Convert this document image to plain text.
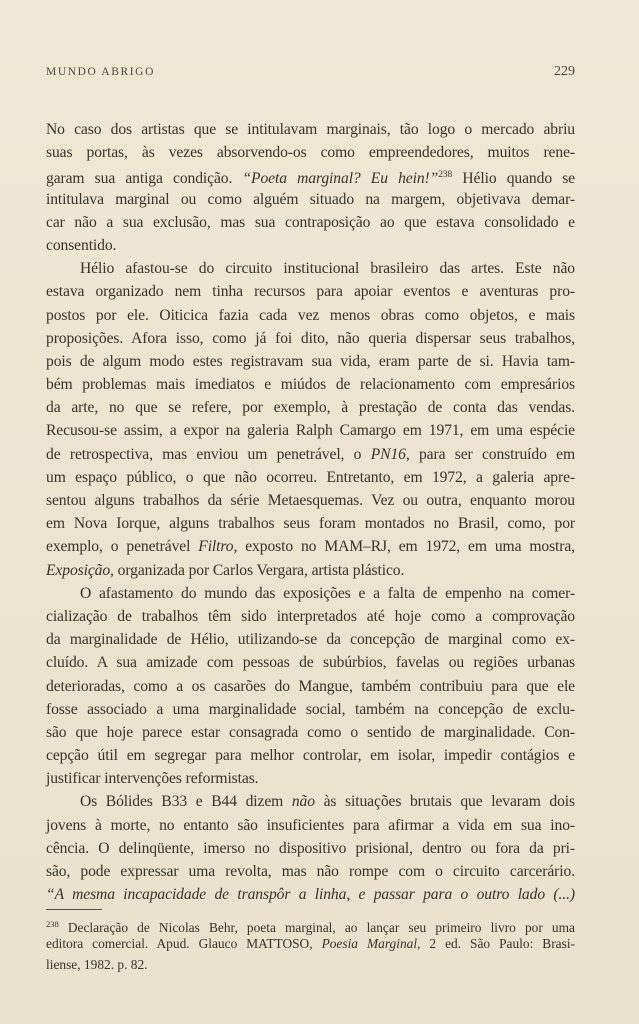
MUNDO ABRIGO	229
No caso dos artistas que se intitulavam marginais, tão logo o mercado abriu
suas portas, às vezes absorvendo-os como empreendedores, muitos rene-
garam sua antiga condição. “Poeta marginal? Eu hein!”$^{238}$ Hélio quando se
intitulava marginal ou como alguém situado na margem, objetivava demar-
car não a sua exclusão, mas sua contraposição ao que estava consolidado e
consentido.
Hélio afastou-se do circuito institucional brasileiro das artes. Este não
estava organizado nem tinha recursos para apoiar eventos e aventuras pro-
postos por ele. Oiticica fazia cada vez menos obras como objetos, e mais
proposições. Afora isso, como já foi dito, não queria dispersar seus trabalhos,
pois de algum modo estes registravam sua vida, eram parte de si. Havia tam-
bém problemas mais imediatos e miúdos de relacionamento com empresários
da arte, no que se refere, por exemplo, à prestação de conta das vendas.
Recusou-se assim, a expor na galeria Ralph Camargo em 1971, em uma espécie
de retrospectiva, mas enviou um penetrável, o PN16, para ser construído em
um espaço público, o que não ocorreu. Entretanto, em 1972, a galeria apre-
sentou alguns trabalhos da série Metaesquemas. Vez ou outra, enquanto morou
em Nova Iorque, alguns trabalhos seus foram montados no Brasil, como, por
exemplo, o penetrável Filtro, exposto no MAM–RJ, em 1972, em uma mostra,
Exposição, organizada por Carlos Vergara, artista plástico.
O afastamento do mundo das exposições e a falta de empenho na comer-
cialização de trabalhos têm sido interpretados até hoje como a comprovação
da marginalidade de Hélio, utilizando-se da concepção de marginal como ex-
cluído. A sua amizade com pessoas de subúrbios, favelas ou regiões urbanas
deterioradas, como a os casarões do Mangue, também contribuiu para que ele
fosse associado a uma marginalidade social, também na concepção de exclu-
são que hoje parece estar consagrada como o sentido de marginalidade. Con-
cepção útil em segregar para melhor controlar, em isolar, impedir contágios e
justificar intervenções reformistas.
Os Bólides B33 e B44 dizem não às situações brutais que levaram dois
jovens à morte, no entanto são insuficientes para afirmar a vida em sua ino-
cência. O delinqüente, imerso no dispositivo prisional, dentro ou fora da pri-
são, pode expressar uma revolta, mas não rompe com o circuito carcerário.
“A mesma incapacidade de transpôr a linha, e passar para o outro lado (...)
$^{238}$ Declaração de Nicolas Behr, poeta marginal, ao lançar seu primeiro livro por uma
editora comercial. Apud. Glauco MATTOSO, Poesia Marginal, 2 ed. São Paulo: Brasi-
liense, 1982. p. 82.
